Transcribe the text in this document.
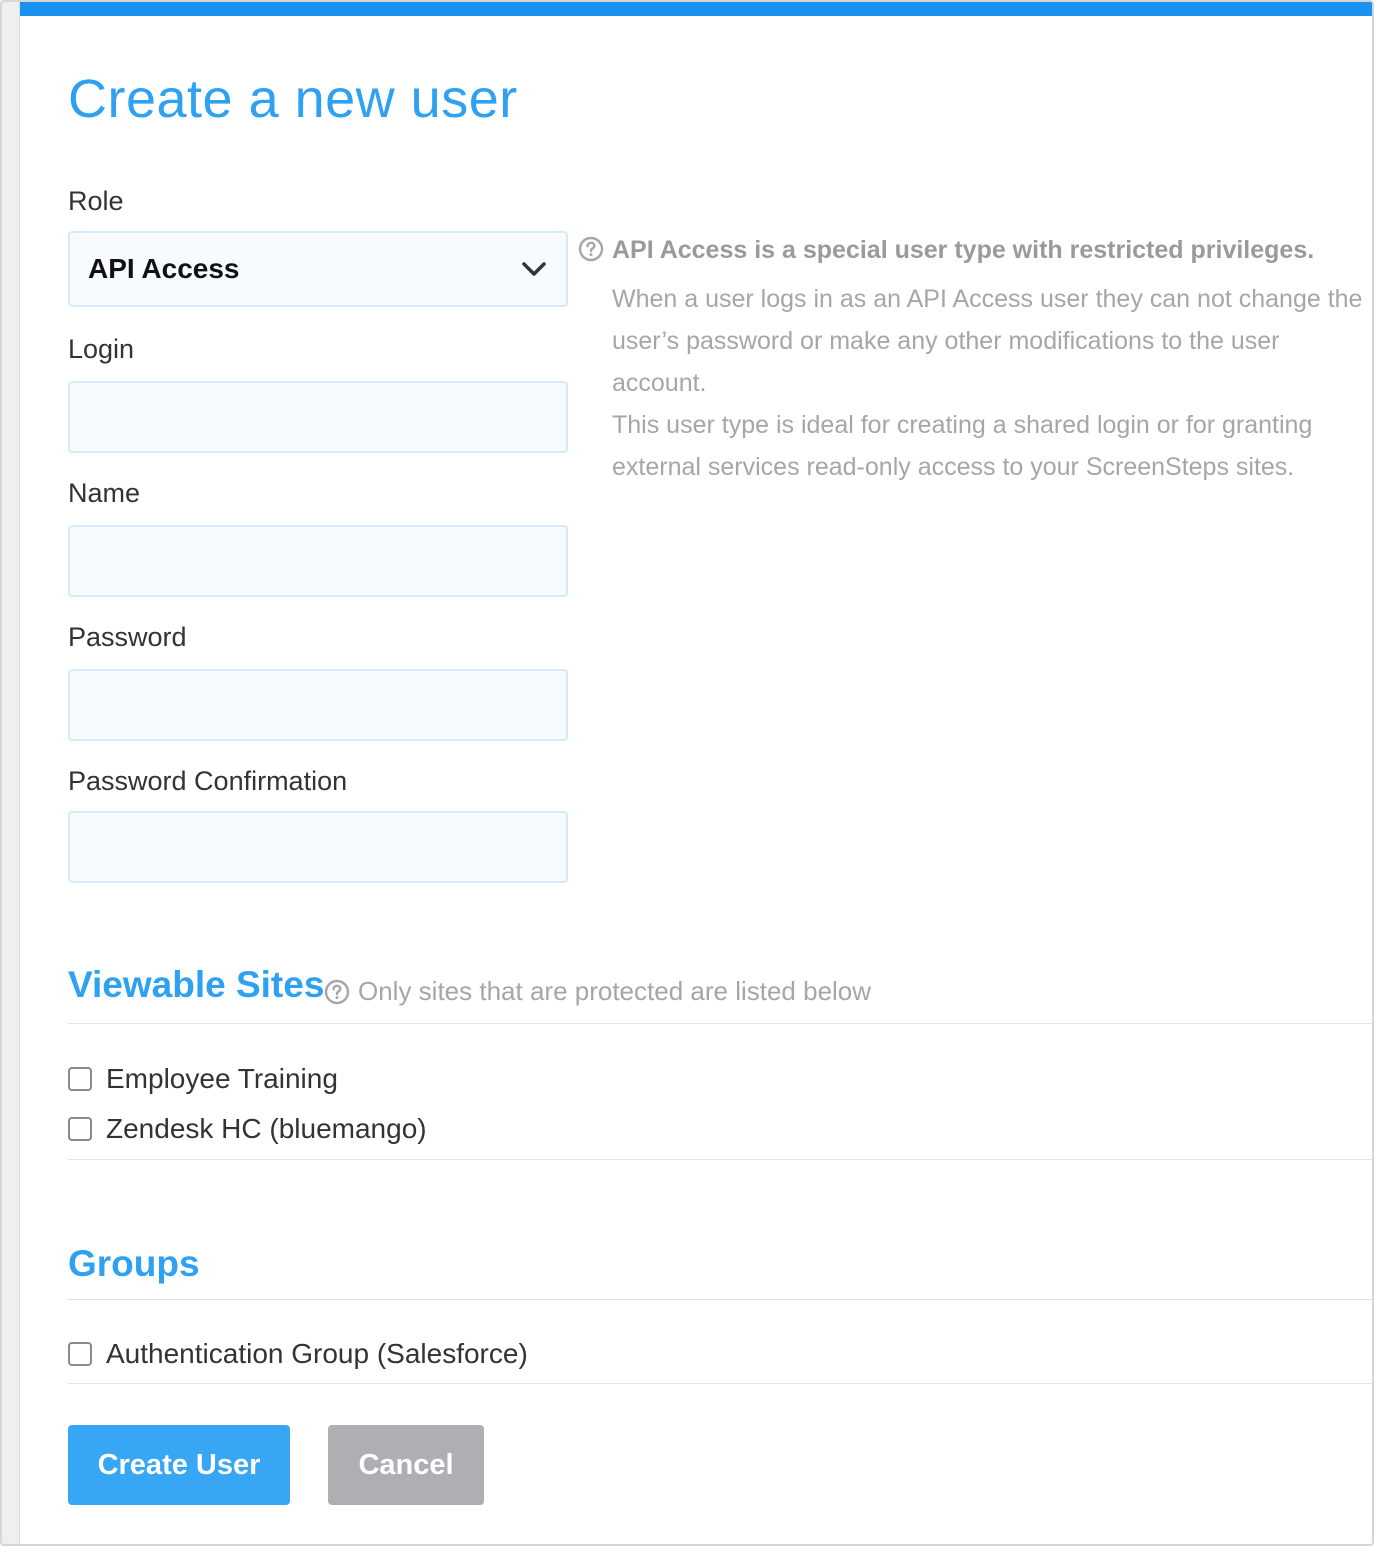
Create a new user
Role
API Access
API Access is a special user type with restricted privileges.
When a user logs in as an API Access user they can not change the user’s password or make any other modifications to the user account.
This user type is ideal for creating a shared login or for granting external services read-only access to your ScreenSteps sites.
Login
Name
Password
Password Confirmation
Viewable Sites Only sites that are protected are listed below
Employee Training
Zendesk HC (bluemango)
Groups
Authentication Group (Salesforce)
Create User	Cancel
